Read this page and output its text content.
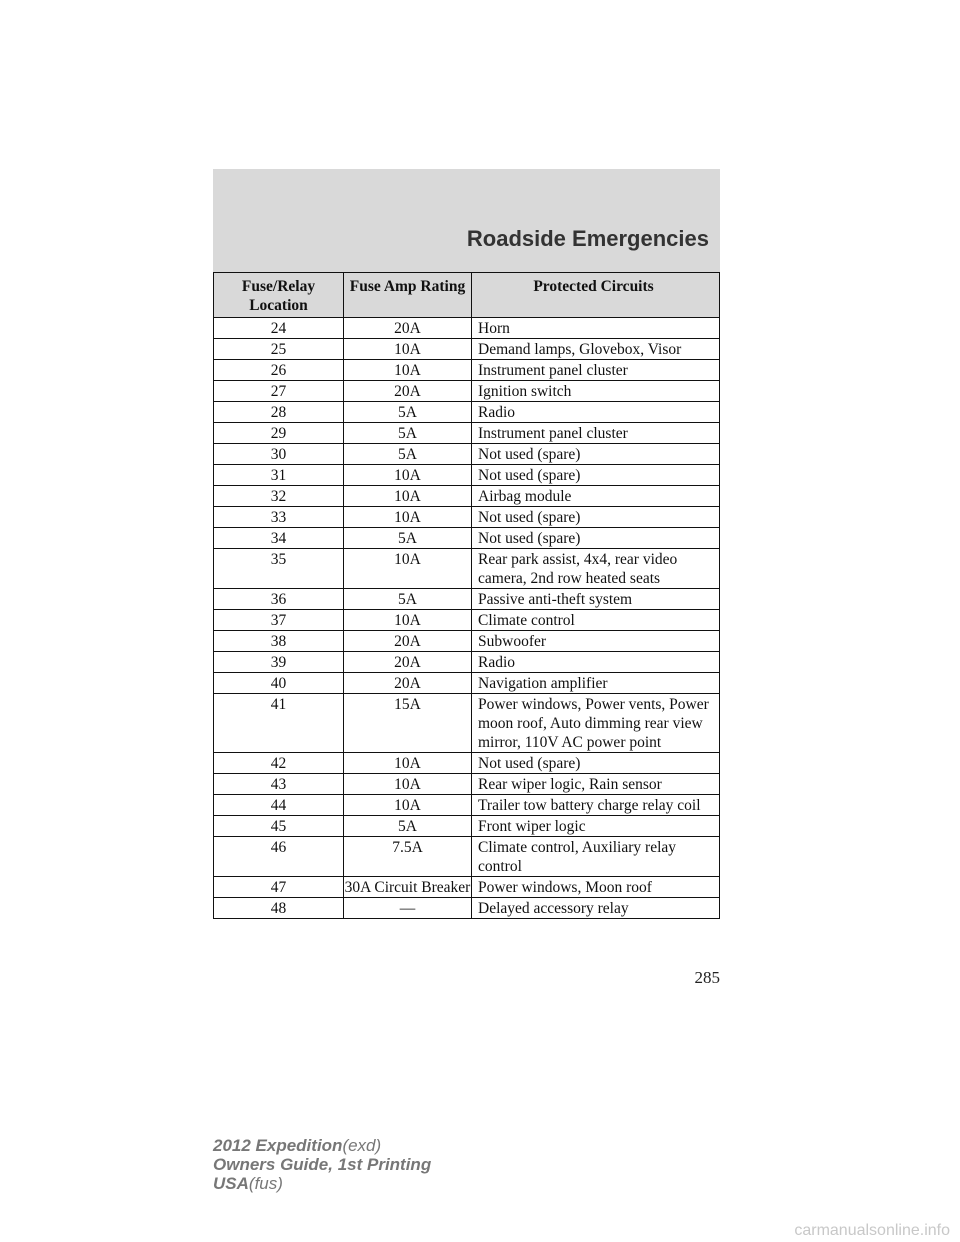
Roadside Emergencies
Fuse/Relay Location	Fuse Amp Rating	Protected Circuits
24	20A	Horn
25	10A	Demand lamps, Glovebox, Visor
26	10A	Instrument panel cluster
27	20A	Ignition switch
28	5A	Radio
29	5A	Instrument panel cluster
30	5A	Not used (spare)
31	10A	Not used (spare)
32	10A	Airbag module
33	10A	Not used (spare)
34	5A	Not used (spare)
35	10A	Rear park assist, 4x4, rear video camera, 2nd row heated seats
36	5A	Passive anti-theft system
37	10A	Climate control
38	20A	Subwoofer
39	20A	Radio
40	20A	Navigation amplifier
41	15A	Power windows, Power vents, Power moon roof, Auto dimming rear view mirror, 110V AC power point
42	10A	Not used (spare)
43	10A	Rear wiper logic, Rain sensor
44	10A	Trailer tow battery charge relay coil
45	5A	Front wiper logic
46	7.5A	Climate control, Auxiliary relay control
47	30A Circuit Breaker	Power windows, Moon roof
48	—	Delayed accessory relay
285
2012 Expedition(exd)
Owners Guide, 1st Printing
USA(fus)
carmanualsonline.info
